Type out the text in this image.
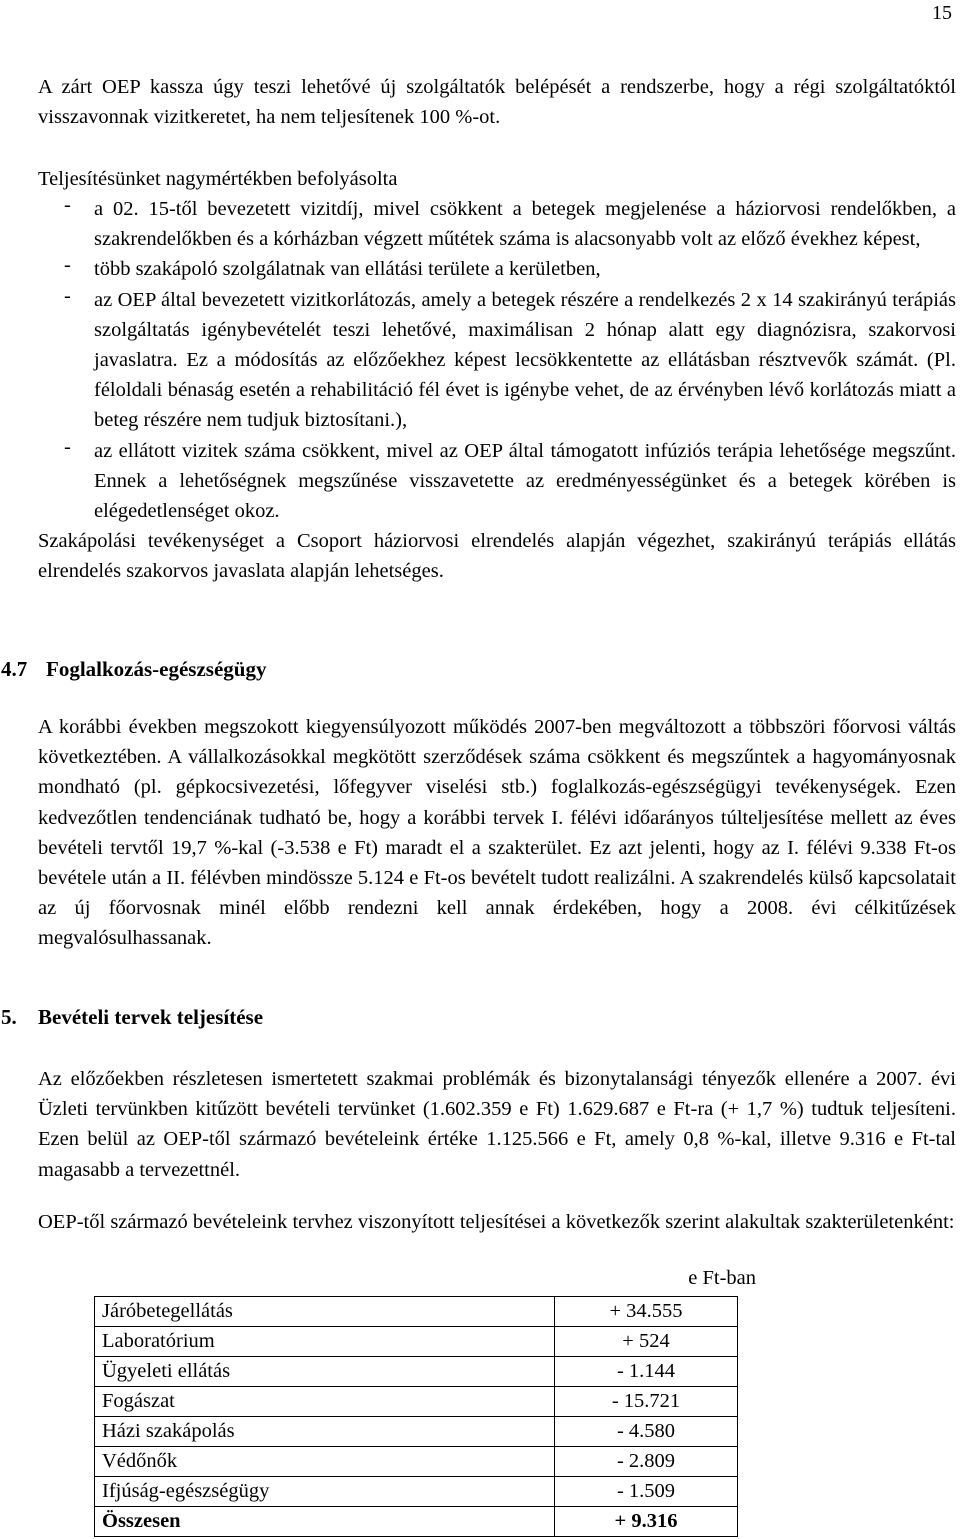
15

A zárt OEP kassza úgy teszi lehetővé új szolgáltatók belépését a rendszerbe, hogy a régi szolgáltatóktól visszavonnak vizitkeretet, ha nem teljesítenek 100 %-ot.

Teljesítésünket nagymértékben befolyásolta

- a 02. 15-től bevezetett vizitdíj, mivel csökkent a betegek megjelenése a háziorvosi rendelőkben, a szakrendelőkben és a kórházban végzett műtétek száma is alacsonyabb volt az előző évekhez képest,

- több szakápoló szolgálatnak van ellátási területe a kerületben,

- az OEP által bevezetett vizitkorlátozás, amely a betegek részére a rendelkezés 2 x 14 szakirányú terápiás szolgáltatás igénybevételét teszi lehetővé, maximálisan 2 hónap alatt egy diagnózisra, szakorvosi javaslatra. Ez a módosítás az előzőekhez képest lecsökkentette az ellátásban résztvevők számát. (Pl. féloldali bénaság esetén a rehabilitáció fél évet is igénybe vehet, de az érvényben lévő korlátozás miatt a beteg részére nem tudjuk biztosítani.),

- az ellátott vizitek száma csökkent, mivel az OEP által támogatott infúziós terápia lehetősége megszűnt. Ennek a lehetőségnek megszűnése visszavetette az eredményességünket és a betegek körében is elégedetlenséget okoz.

Szakápolási tevékenységet a Csoport háziorvosi elrendelés alapján végezhet, szakirányú terápiás ellátás elrendelés szakorvos javaslata alapján lehetséges.

4.7 Foglalkozás-egészségügy

A korábbi években megszokott kiegyensúlyozott működés 2007-ben megváltozott a többszöri főorvosi váltás következtében. A vállalkozásokkal megkötött szerződések száma csökkent és megszűntek a hagyományosnak mondható (pl. gépkocsivezetési, lőfegyver viselési stb.) foglalkozás-egészségügyi tevékenységek. Ezen kedvezőtlen tendenciának tudható be, hogy a korábbi tervek I. félévi időarányos túlteljesítése mellett az éves bevételi tervtől 19,7 %-kal (-3.538 e Ft) maradt el a szakterület. Ez azt jelenti, hogy az I. félévi 9.338 Ft-os bevétele után a II. félévben mindössze 5.124 e Ft-os bevételt tudott realizálni. A szakrendelés külső kapcsolatait az új főorvosnak minél előbb rendezni kell annak érdekében, hogy a 2008. évi célkitűzések megvalósulhassanak.

5. Bevételi tervek teljesítése

Az előzőekben részletesen ismertetett szakmai problémák és bizonytalansági tényezők ellenére a 2007. évi Üzleti tervünkben kitűzött bevételi tervünket (1.602.359 e Ft) 1.629.687 e Ft-ra (+ 1,7 %) tudtuk teljesíteni. Ezen belül az OEP-től származó bevételeink értéke 1.125.566 e Ft, amely 0,8 %-kal, illetve 9.316 e Ft-tal magasabb a tervezettnél.

OEP-től származó bevételeink tervhez viszonyított teljesítései a következők szerint alakultak szakterületenként:

e Ft-ban
Járóbetegellátás	+ 34.555
Laboratórium	+ 524
Ügyeleti ellátás	- 1.144
Fogászat	- 15.721
Házi szakápolás	- 4.580
Védőnők	- 2.809
Ifjúság-egészségügy	- 1.509
Összesen	+ 9.316
